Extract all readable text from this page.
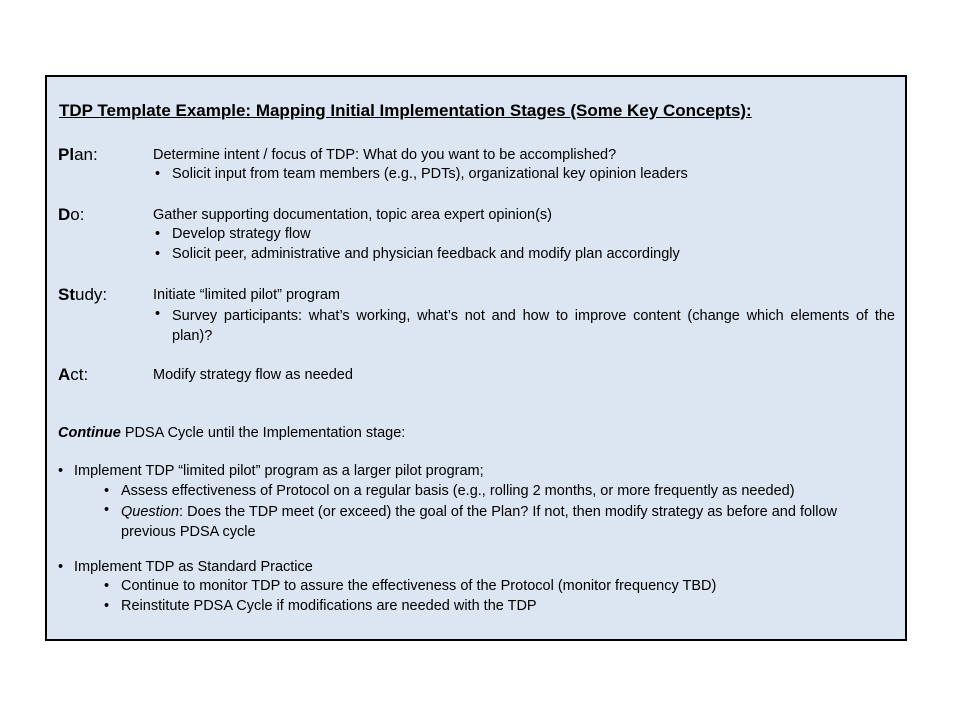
TDP Template Example: Mapping Initial Implementation Stages (Some Key Concepts):
Plan:	Determine intent / focus of TDP: What do you want to be accomplished?
• Solicit input from team members (e.g., PDTs), organizational key opinion leaders
Do:	Gather supporting documentation, topic area expert opinion(s)
• Develop strategy flow
• Solicit peer, administrative and physician feedback and modify plan accordingly
Study:	Initiate “limited pilot” program
• Survey participants: what’s working, what’s not and how to improve content (change which elements of the plan)?
Act:	Modify strategy flow as needed
Continue PDSA Cycle until the Implementation stage:
• Implement TDP “limited pilot” program as a larger pilot program;
• Assess effectiveness of Protocol on a regular basis (e.g., rolling 2 months, or more frequently as needed)
• Question: Does the TDP meet (or exceed) the goal of the Plan? If not, then modify strategy as before and follow previous PDSA cycle
• Implement TDP as Standard Practice
• Continue to monitor TDP to assure the effectiveness of the Protocol (monitor frequency TBD)
• Reinstitute PDSA Cycle if modifications are needed with the TDP
